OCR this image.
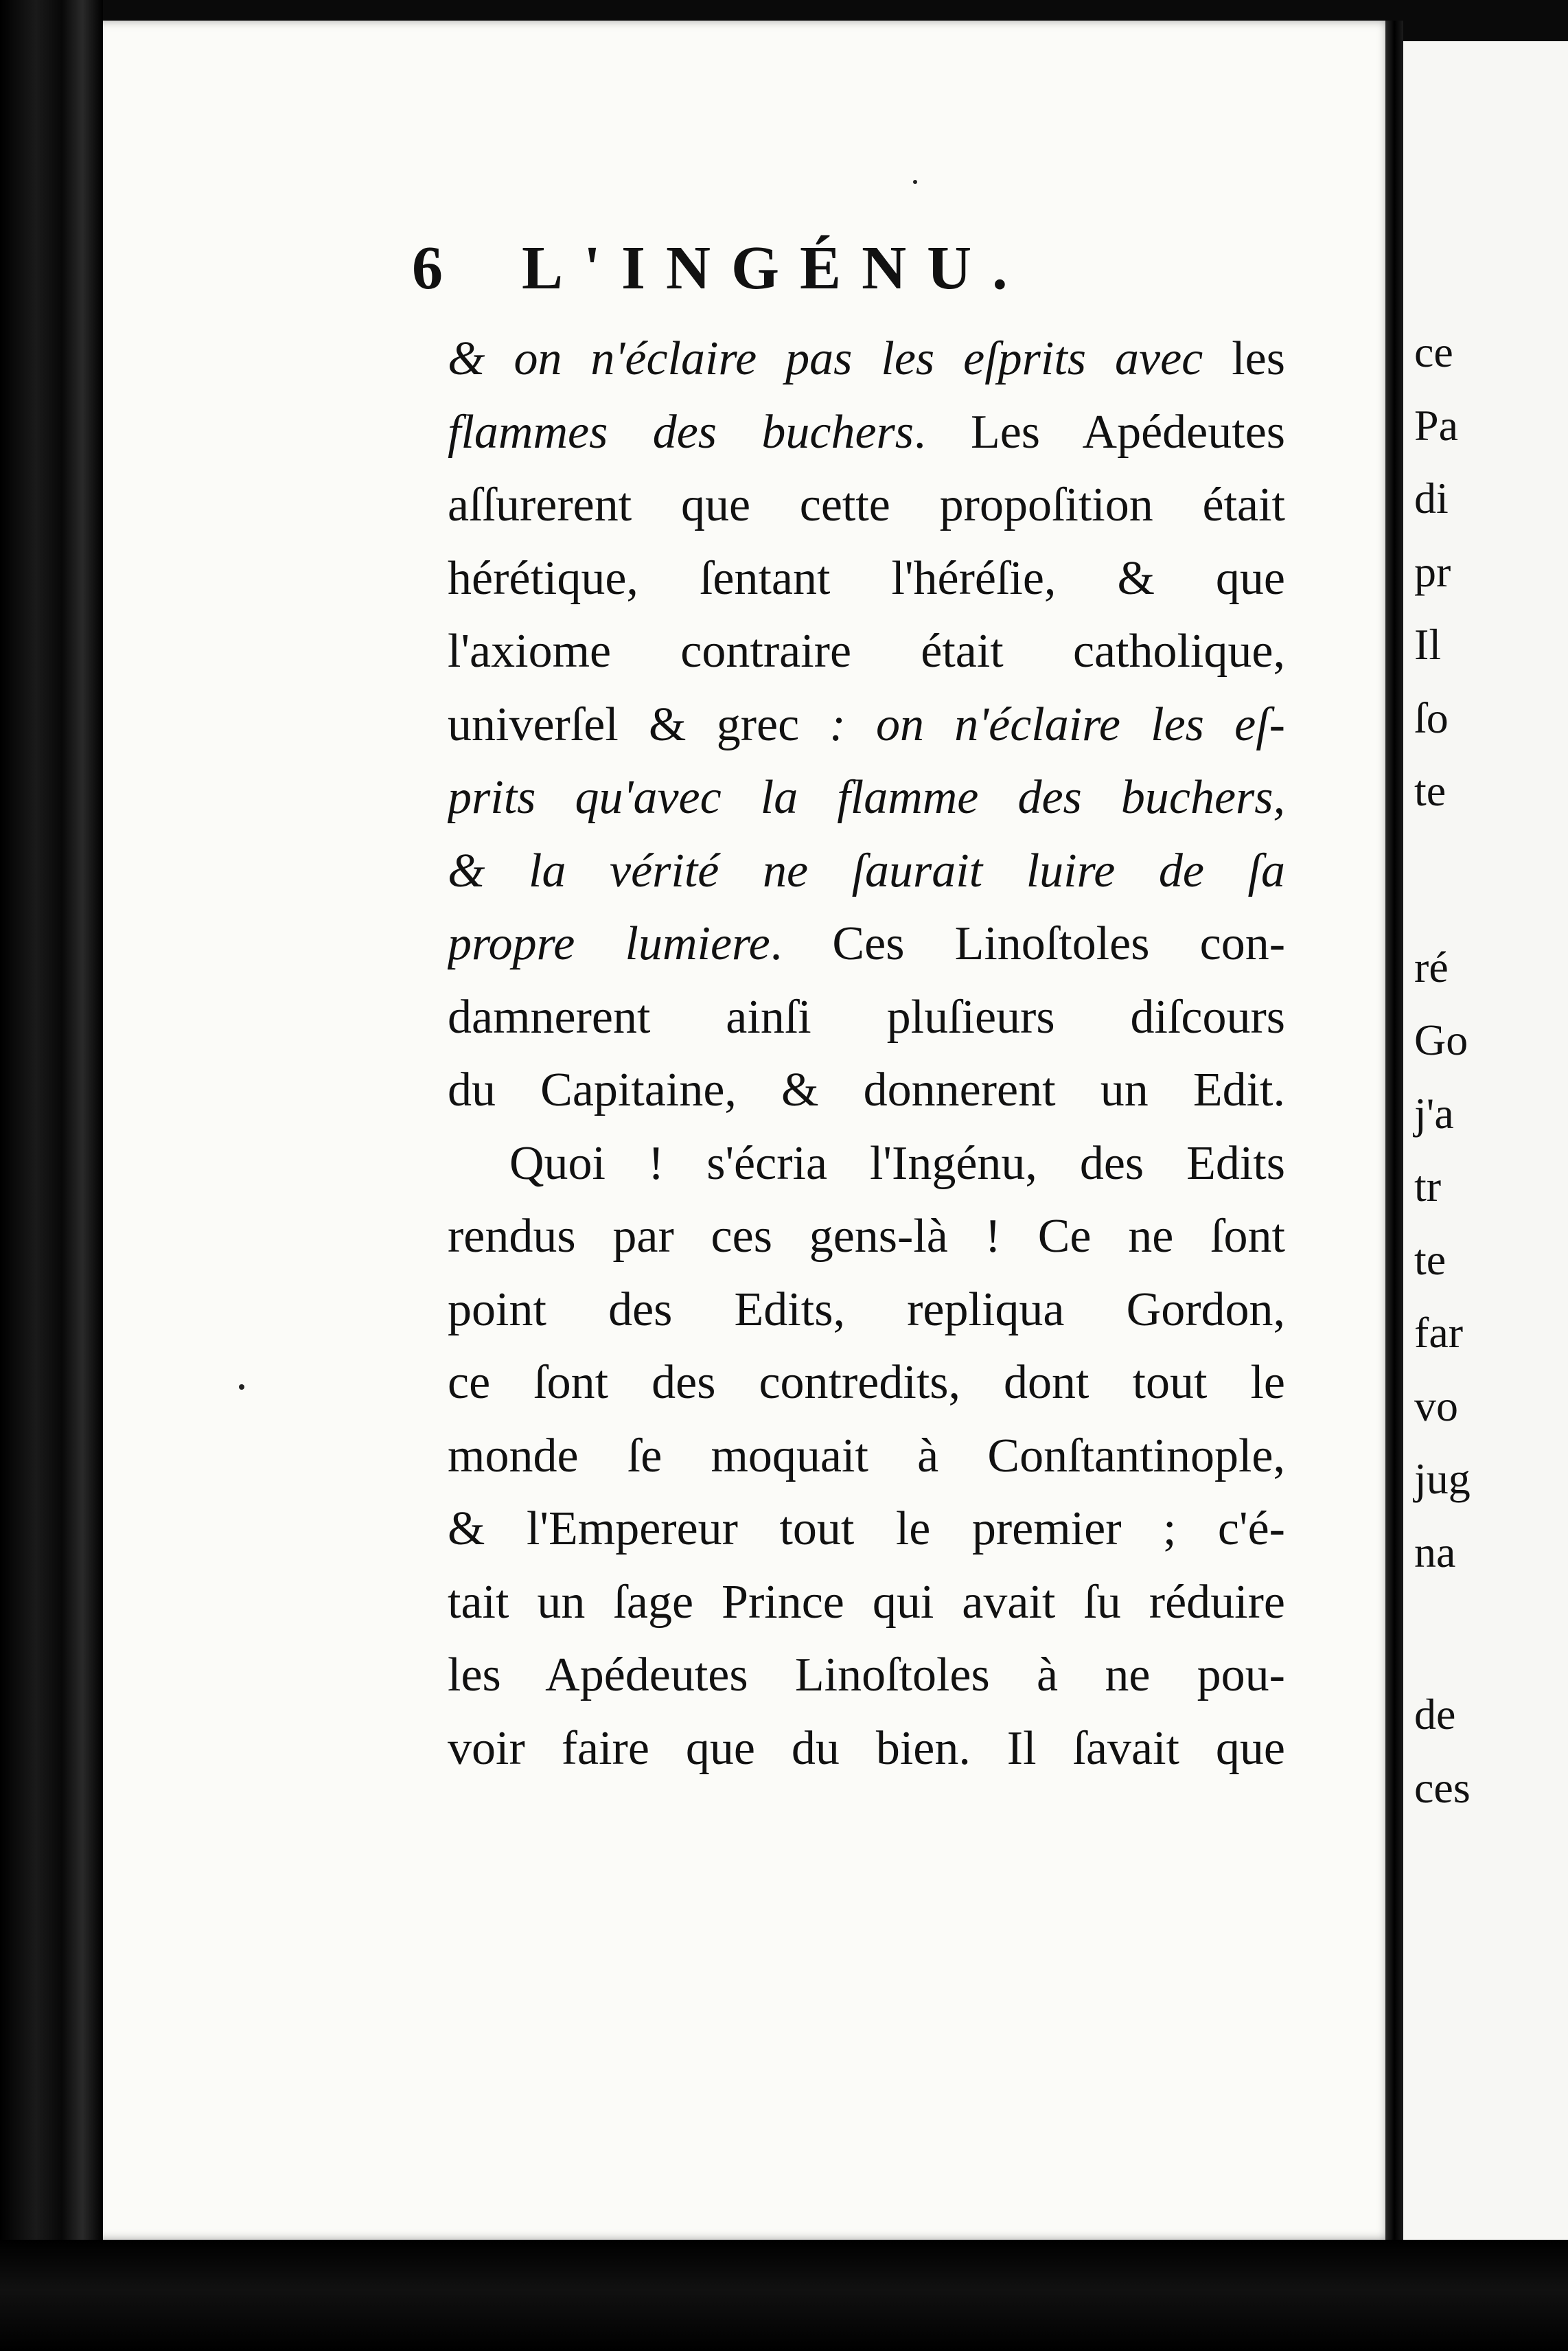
6	L'INGÉNU.
& on n'éclaire pas les eſprits avec les
flammes des buchers. Les Apédeutes
aſſurerent que cette propoſition était
hérétique, ſentant l'héréſie, & que
l'axiome contraire était catholique,
univerſel & grec : on n'éclaire les eſ-
prits qu'avec la flamme des buchers,
& la vérité ne ſaurait luire de ſa
propre lumiere. Ces Linoſtoles con-
damnerent ainſi pluſieurs diſcours
du Capitaine, & donnerent un Edit.
Quoi ! s'écria l'Ingénu, des Edits
rendus par ces gens-là ! Ce ne ſont
point des Edits, repliqua Gordon,
ce ſont des contredits, dont tout le
monde ſe moquait à Conſtantinople,
& l'Empereur tout le premier ; c'é-
tait un ſage Prince qui avait ſu réduire
les Apédeutes Linoſtoles à ne pou-
voir faire que du bien. Il ſavait que
ce
Pa
di
pr
Il
ſo
te
ré
Go
j'a
tr
te
far
vo
jug
na
de
ces
